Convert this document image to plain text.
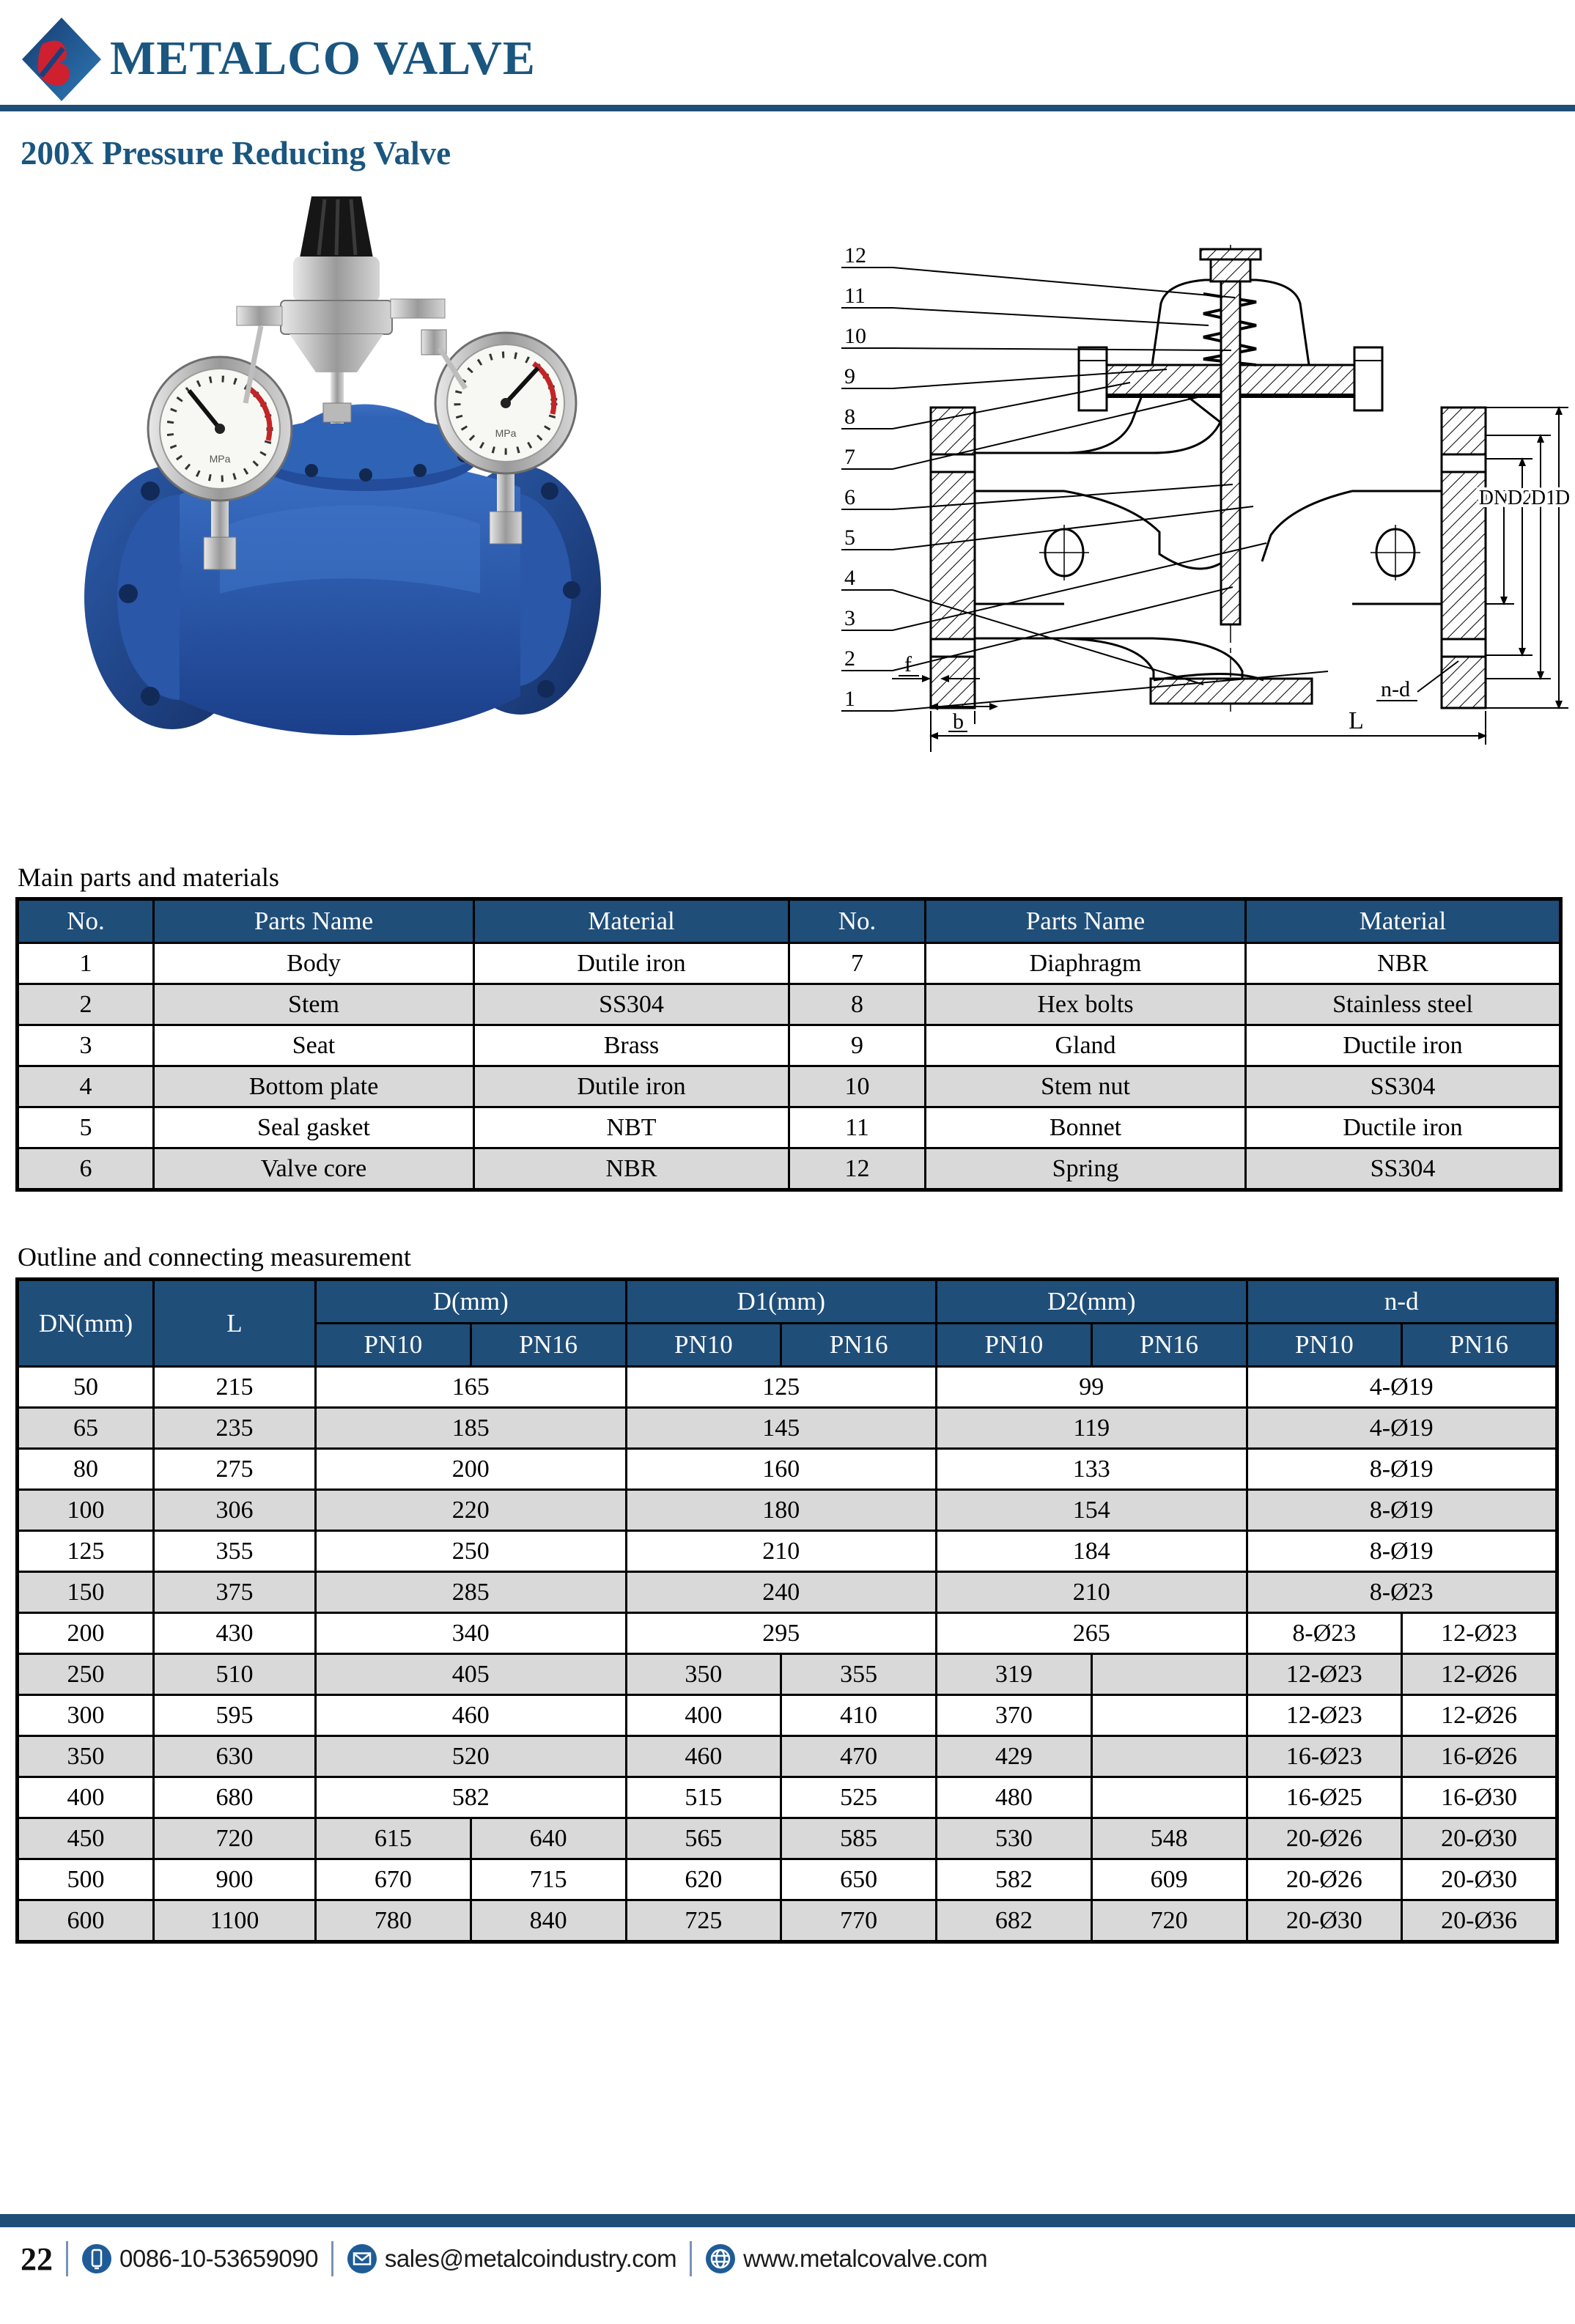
METALCO VALVE
200X Pressure Reducing Valve
MPa
MPa
12
11
10
9
8
7
6
5
4
3
2
1
DN
D2
D1
D
f
b	L
n-d
Main parts and materials
No.	Parts Name	Material	No.	Parts Name	Material
1	Body	Dutile iron	7	Diaphragm	NBR
2	Stem	SS304	8	Hex bolts	Stainless steel
3	Seat	Brass	9	Gland	Ductile iron
4	Bottom plate	Dutile iron	10	Stem nut	SS304
5	Seal gasket	NBT	11	Bonnet	Ductile iron
6	Valve core	NBR	12	Spring	SS304
Outline and connecting measurement
DN(mm)	L	D(mm)		D1(mm)		D2(mm)		n-d	
		PN10	PN16	PN10	PN16	PN10	PN16	PN10	PN16
50	215	165		125		99		4-Ø19	
65	235	185		145		119		4-Ø19	
80	275	200		160		133		8-Ø19	
100	306	220		180		154		8-Ø19	
125	355	250		210		184		8-Ø19	
150	375	285		240		210		8-Ø23	
200	430	340		295		265		8-Ø23	12-Ø23
250	510	405		350	355	319		12-Ø23	12-Ø26
300	595	460		400	410	370		12-Ø23	12-Ø26
350	630	520		460	470	429		16-Ø23	16-Ø26
400	680	582		515	525	480		16-Ø25	16-Ø30
450	720	615	640	565	585	530	548	20-Ø26	20-Ø30
500	900	670	715	620	650	582	609	20-Ø26	20-Ø30
600	1100	780	840	725	770	682	720	20-Ø30	20-Ø36
22	0086-10-53659090	sales@metalcoindustry.com	www.metalcovalve.com
